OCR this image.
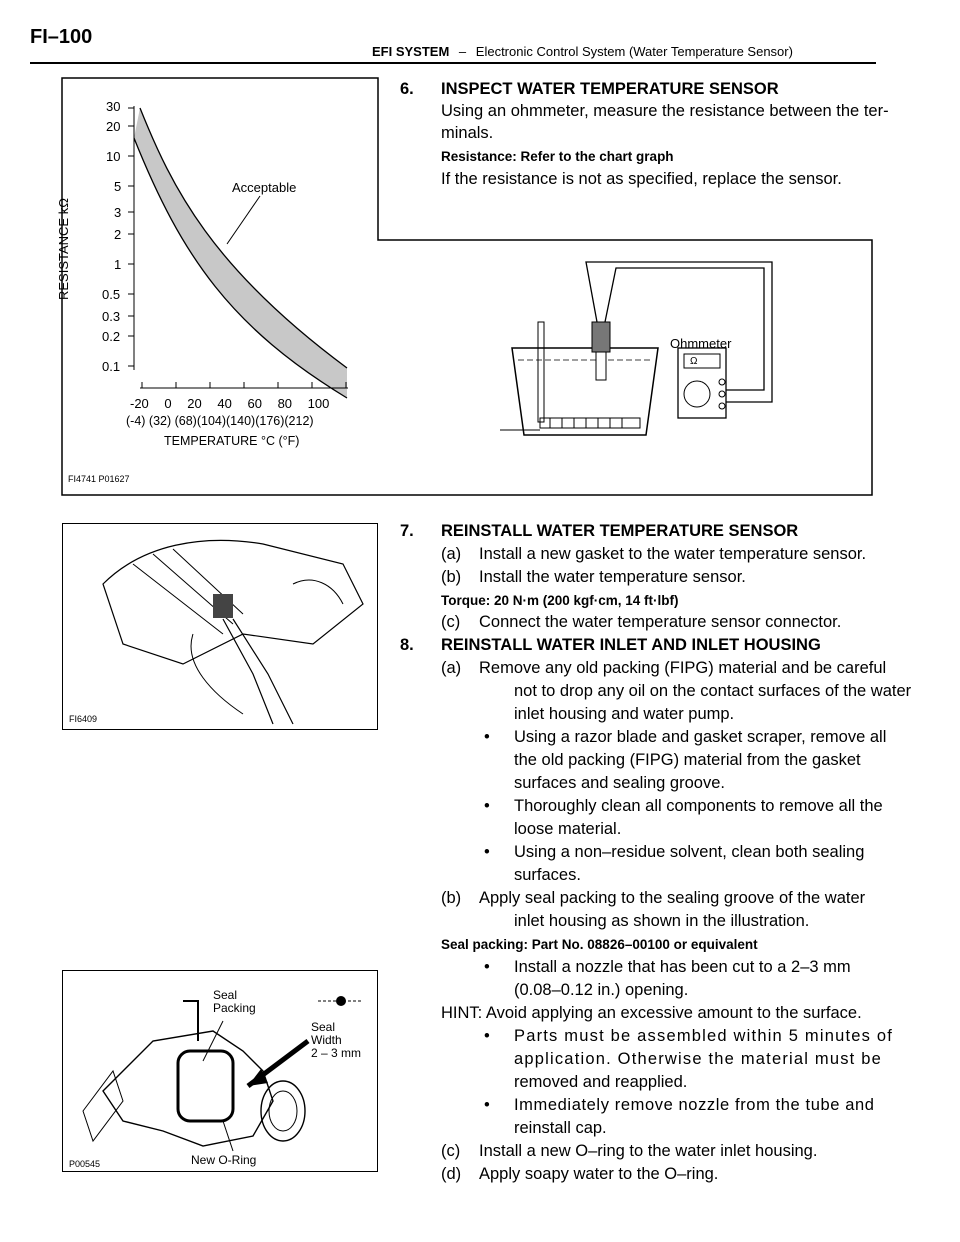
FI–100
EFI SYSTEM – Electronic Control System (Water Temperature Sensor)
30
20
10
5
3
2
1
0.5
0.3
0.2
0.1
RESISTANCE kΩ
-20 0 20 40 60 80 100
(-4) (32) (68)(104)(140)(176)(212)
TEMPERATURE °C (°F)
Acceptable
FI4741 P01627
Ω
Ohmmeter
6. INSPECT WATER TEMPERATURE SENSOR
Using an ohmmeter, measure the resistance between the ter-
minals.
Resistance: Refer to the chart graph
If the resistance is not as specified, replace the sensor.
FI6409
7. REINSTALL WATER TEMPERATURE SENSOR
(a) Install a new gasket to the water temperature sensor.
(b) Install the water temperature sensor.
Torque: 20 N·m (200 kgf·cm, 14 ft·lbf)
(c) Connect the water temperature sensor connector.
8. REINSTALL WATER INLET AND INLET HOUSING
(a) Remove any old packing (FIPG) material and be careful
not to drop any oil on the contact surfaces of the water
inlet housing and water pump.
• Using a razor blade and gasket scraper, remove all
the old packing (FIPG) material from the gasket
surfaces and sealing groove.
• Thoroughly clean all components to remove all the
loose material.
• Using a non–residue solvent, clean both sealing
surfaces.
(b) Apply seal packing to the sealing groove of the water
inlet housing as shown in the illustration.
Seal packing: Part No. 08826–00100 or equivalent
• Install a nozzle that has been cut to a 2–3 mm
(0.08–0.12 in.) opening.
HINT: Avoid applying an excessive amount to the surface.
• Parts must be assembled within 5 minutes of
application. Otherwise the material must be
removed and reapplied.
• Immediately remove nozzle from the tube and
reinstall cap.
(c) Install a new O–ring to the water inlet housing.
(d) Apply soapy water to the O–ring.
Seal
Packing
Seal
Width
2 – 3 mm
New O-Ring
P00545
